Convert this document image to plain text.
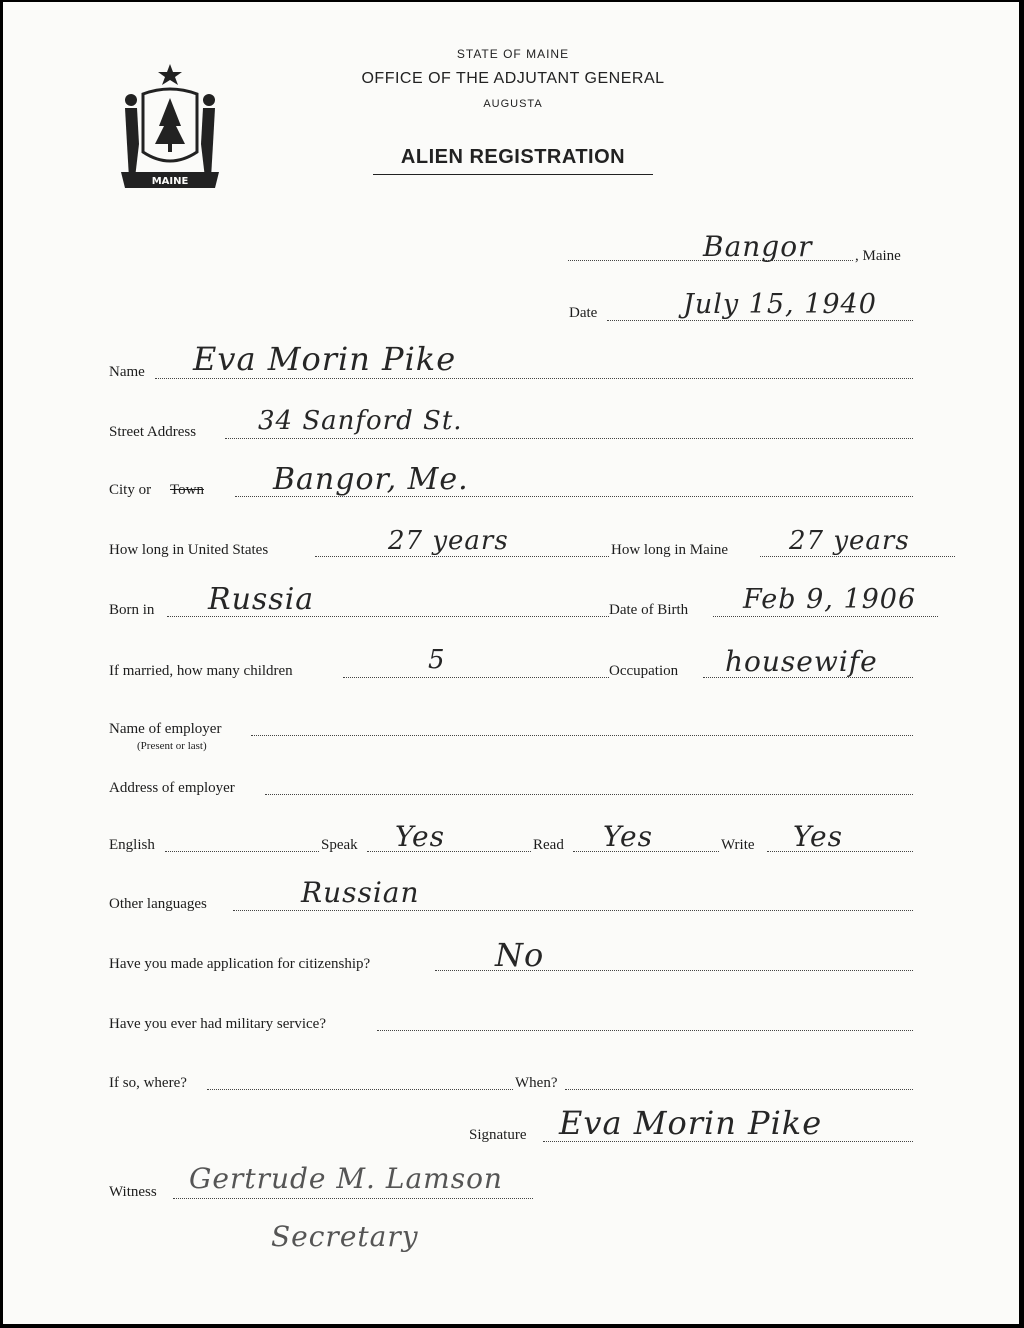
MAINE
STATE OF MAINE
OFFICE OF THE ADJUTANT GENERAL
AUGUSTA
ALIEN REGISTRATION
Bangor	, Maine
Date	July 15, 1940
Name Eva Morin Pike
Street Address 34 Sanford St.
City or Town Bangor, Me.
How long in United States	27 years	How long in Maine 27 years
Born in Russia	Date of Birth Feb 9, 1906
If married, how many children	5	Occupation housewife
Name of employer
(Present or last)
Address of employer
English	Speak Yes	Read Yes	Write Yes
Other languages	Russian
Have you made application for citizenship?	No
Have you ever had military service?
If so, where?	When?
Signature Eva Morin Pike
Witness Gertrude M. Lamson
Secretary
